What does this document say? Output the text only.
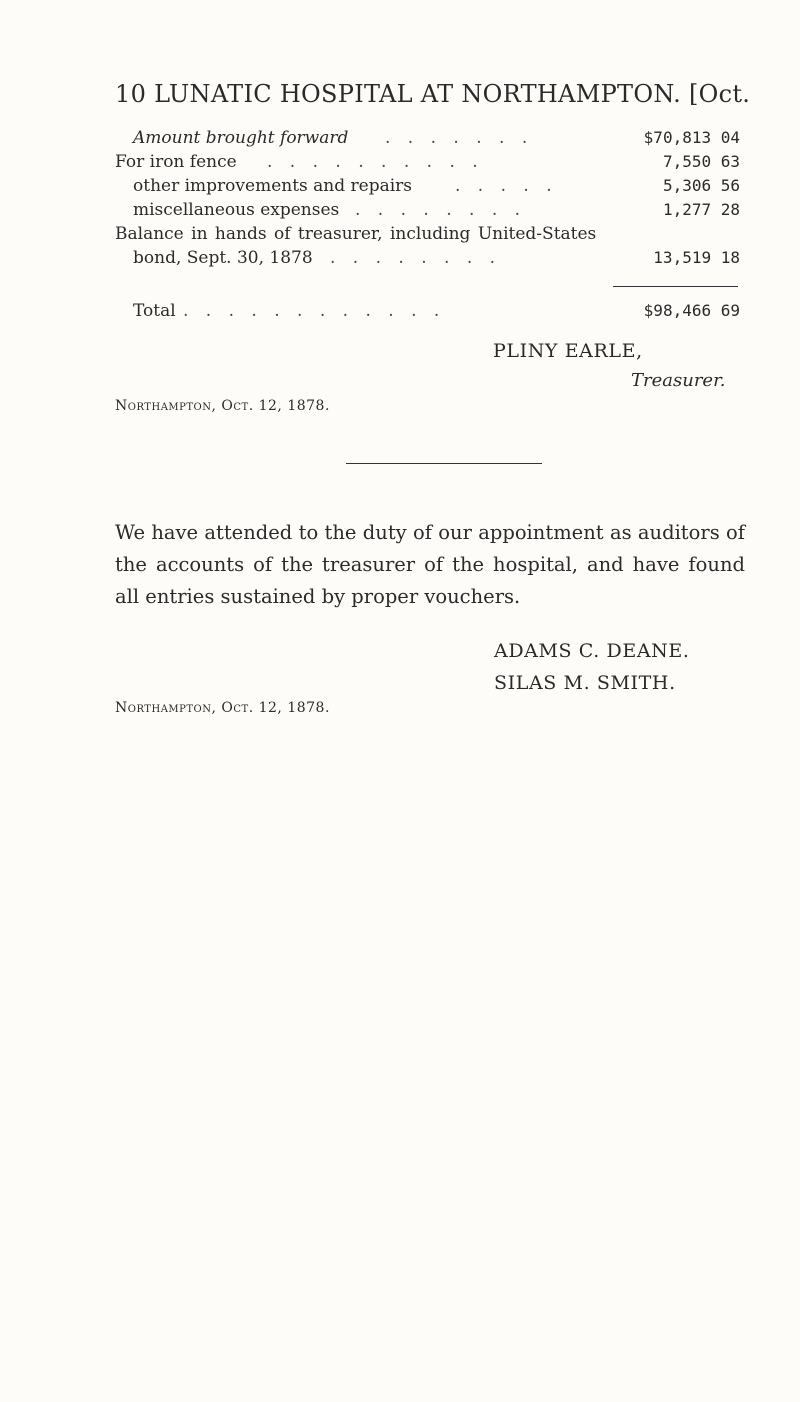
10 LUNATIC HOSPITAL AT NORTHAMPTON. [Oct.
Amount brought forward . . . . . . .	$70,813 04
For iron fence . . . . . . . . . .	7,550 63
other improvements and repairs	. . . . .	5,306 56
miscellaneous expenses . . . . . . . .	1,277 28
Balance in hands of treasurer, including United-States
bond, Sept. 30, 1878 . . . . . . . .	13,519 18
Total . . . . . . . . . . . .	$98,466 69
PLINY EARLE,
Treasurer.
Northampton, Oct. 12, 1878.
We have attended to the duty of our appointment as auditors of the accounts of the treasurer of the hospital, and have found all entries sustained by proper vouchers.
ADAMS C. DEANE.
SILAS M. SMITH.
Northampton, Oct. 12, 1878.
